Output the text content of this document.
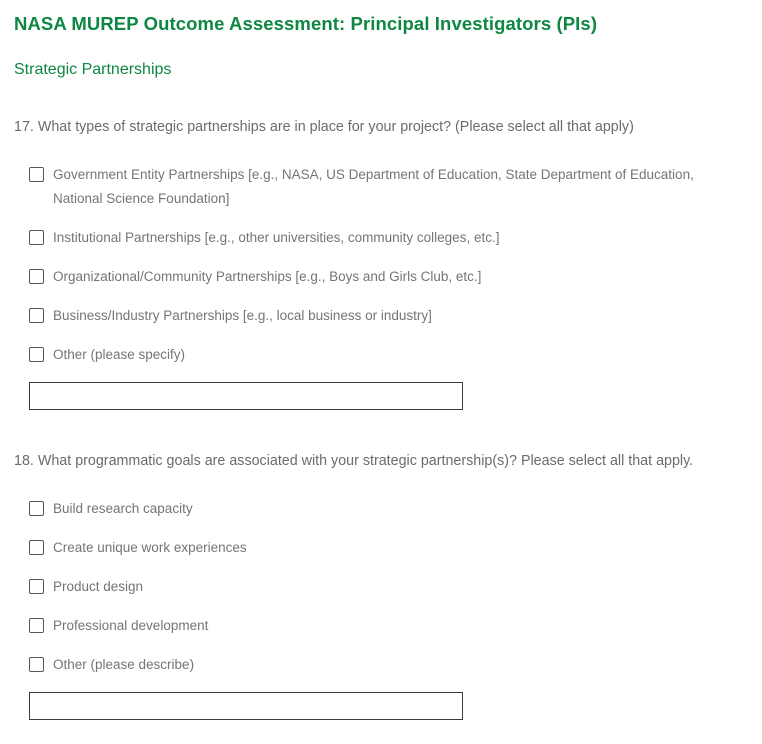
NASA MUREP Outcome Assessment: Principal Investigators (PIs)
Strategic Partnerships

17. What types of strategic partnerships are in place for your project? (Please select all that apply)

Government Entity Partnerships [e.g., NASA, US Department of Education, State Department of Education, National Science Foundation]
Institutional Partnerships [e.g., other universities, community colleges, etc.]
Organizational/Community Partnerships [e.g., Boys and Girls Club, etc.]
Business/Industry Partnerships [e.g., local business or industry]
Other (please specify)

18. What programmatic goals are associated with your strategic partnership(s)? Please select all that apply.

Build research capacity
Create unique work experiences
Product design
Professional development
Other (please describe)
